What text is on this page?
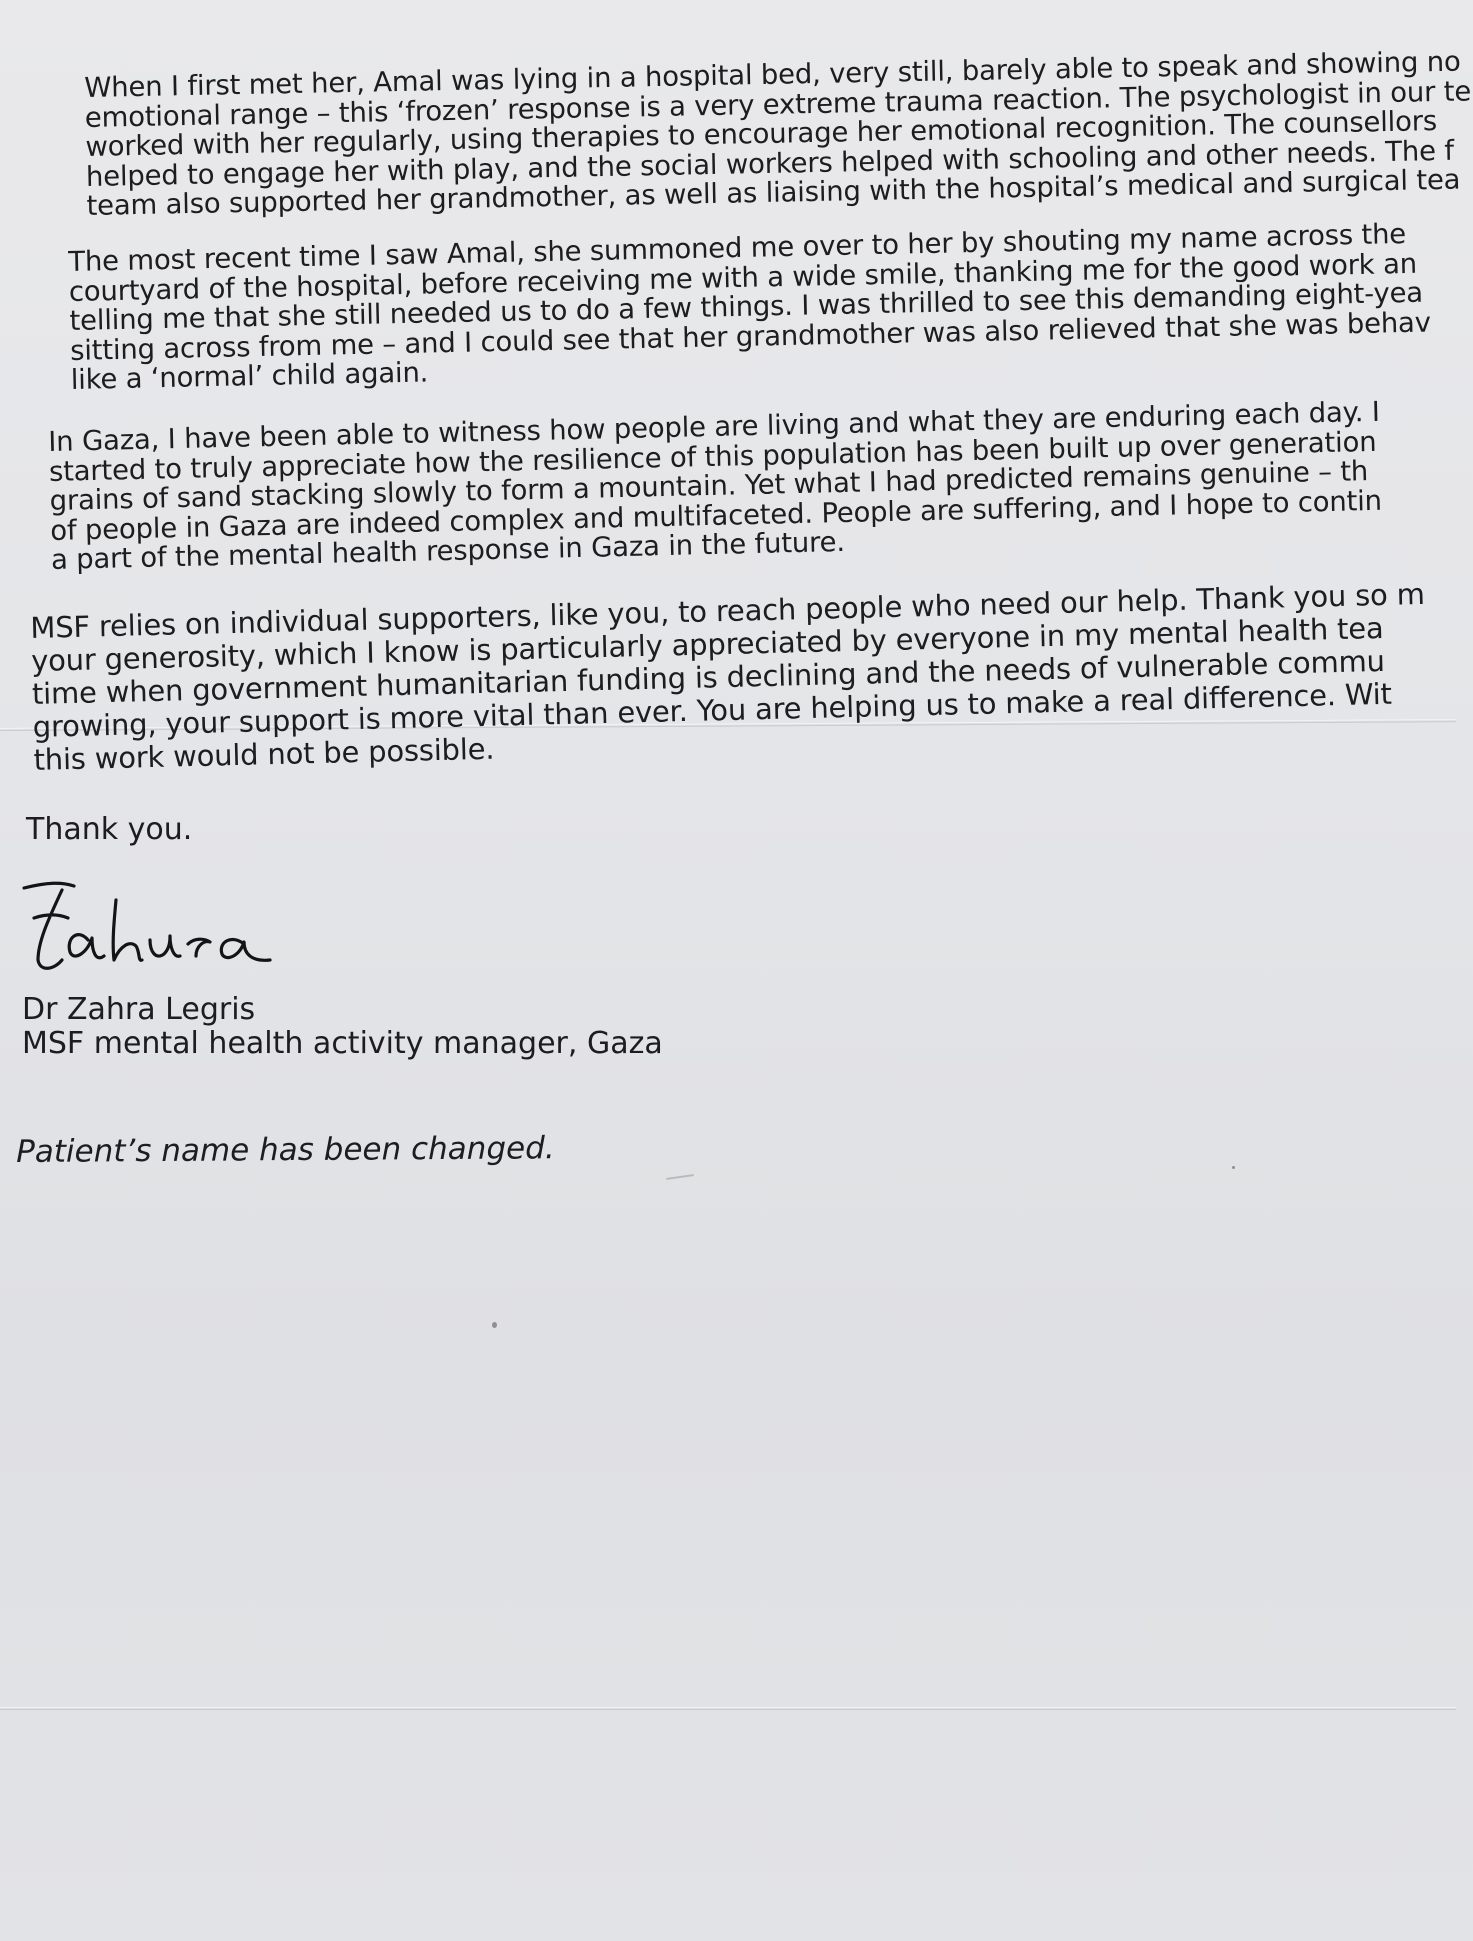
When I first met her, Amal was lying in a hospital bed, very still, barely able to speak and showing no
emotional range – this ‘frozen’ response is a very extreme trauma reaction. The psychologist in our te
worked with her regularly, using therapies to encourage her emotional recognition. The counsellors
helped to engage her with play, and the social workers helped with schooling and other needs. The f
team also supported her grandmother, as well as liaising with the hospital’s medical and surgical tea

The most recent time I saw Amal, she summoned me over to her by shouting my name across the
courtyard of the hospital, before receiving me with a wide smile, thanking me for the good work an
telling me that she still needed us to do a few things. I was thrilled to see this demanding eight-yea
sitting across from me – and I could see that her grandmother was also relieved that she was behav
like a ‘normal’ child again.

In Gaza, I have been able to witness how people are living and what they are enduring each day. I
started to truly appreciate how the resilience of this population has been built up over generation
grains of sand stacking slowly to form a mountain. Yet what I had predicted remains genuine – th
of people in Gaza are indeed complex and multifaceted. People are suffering, and I hope to contin
a part of the mental health response in Gaza in the future.

MSF relies on individual supporters, like you, to reach people who need our help. Thank you so m
your generosity, which I know is particularly appreciated by everyone in my mental health tea
time when government humanitarian funding is declining and the needs of vulnerable commu
growing, your support is more vital than ever. You are helping us to make a real difference. Wit
this work would not be possible.

Thank you.

Dr Zahra Legris

MSF mental health activity manager, Gaza

Patient’s name has been changed.
